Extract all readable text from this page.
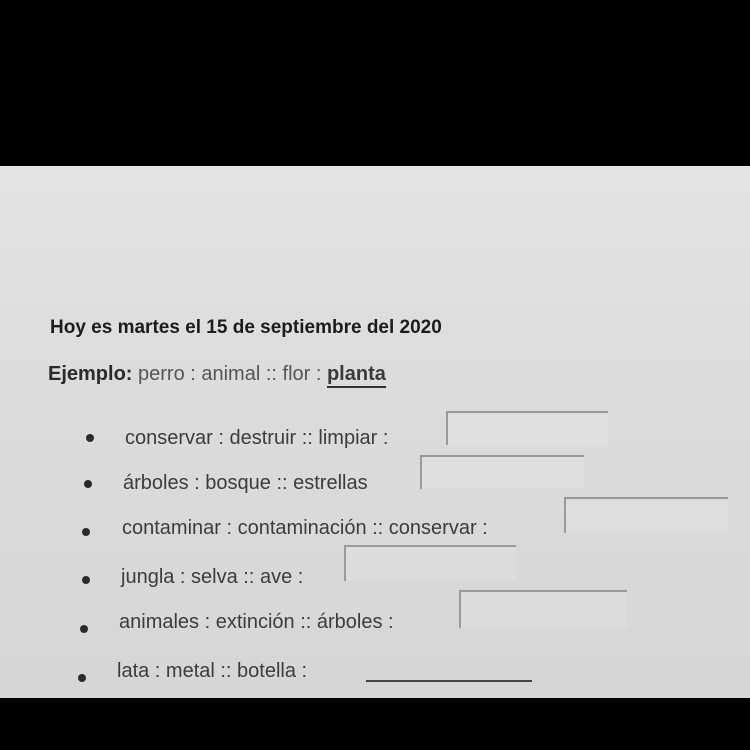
Hoy es martes el 15 de septiembre del 2020
Ejemplo: perro : animal :: flor : planta
conservar : destruir :: limpiar :
árboles : bosque :: estrellas
contaminar : contaminación :: conservar :
jungla : selva :: ave :
animales : extinción :: árboles :
lata : metal :: botella :
